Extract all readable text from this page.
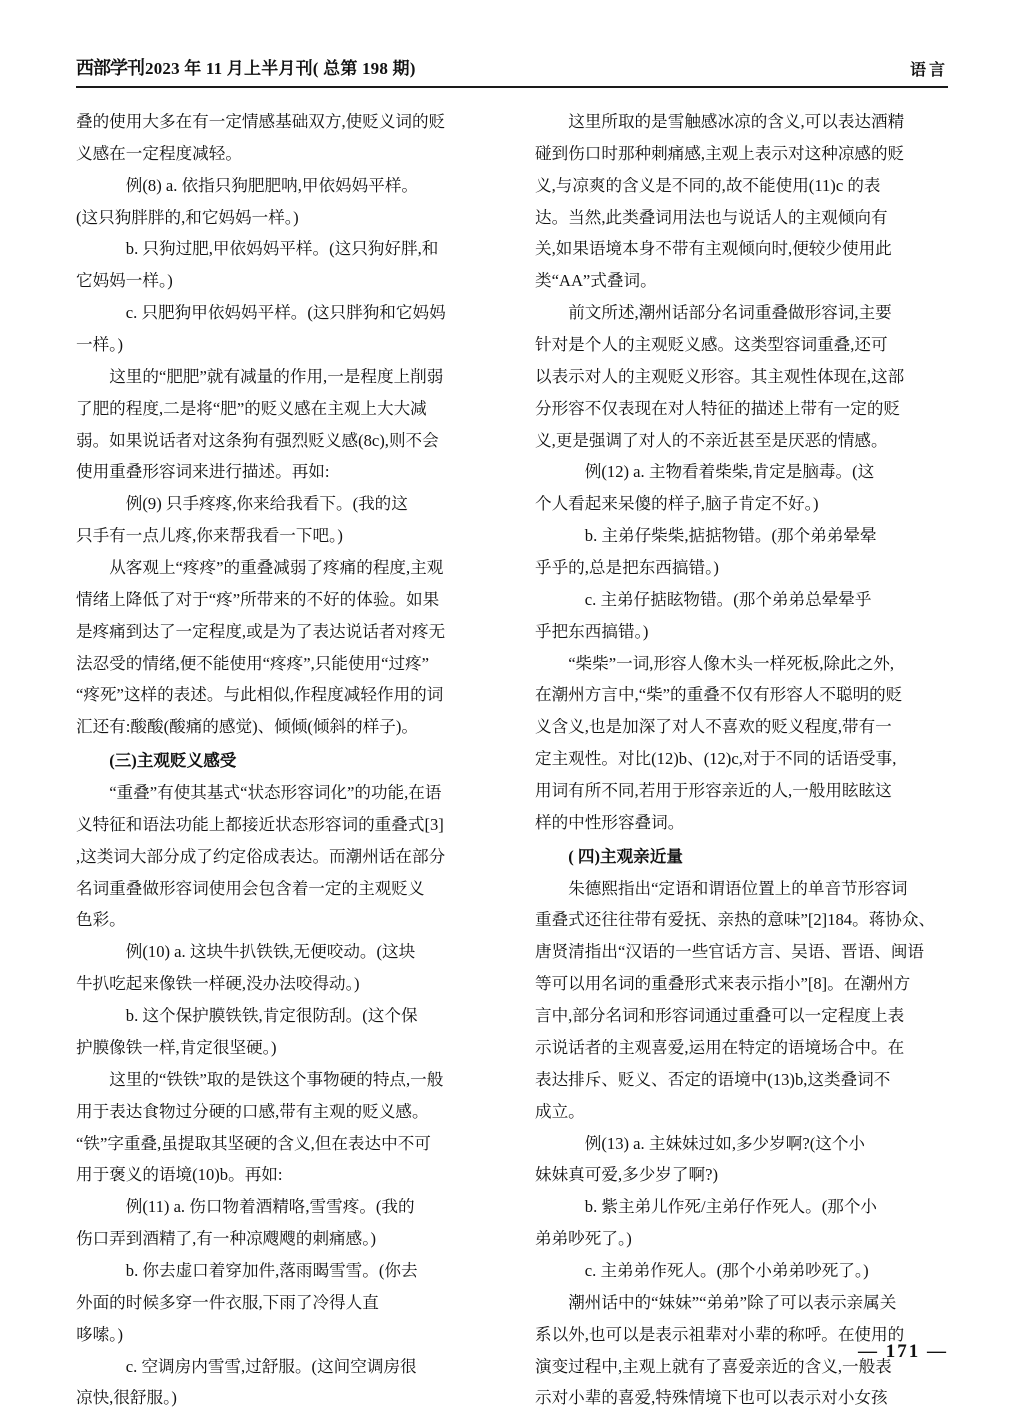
西部学刊2023 年 11 月上半月刊( 总第 198 期)	语言

叠的使用大多在有一定情感基础双方,使贬义词的贬

义感在一定程度减轻。

例(8) a. 依指只狗肥肥呐,甲依妈妈平样。

(这只狗胖胖的,和它妈妈一样。)

b. 只狗过肥,甲依妈妈平样。(这只狗好胖,和

它妈妈一样。)

c. 只肥狗甲依妈妈平样。(这只胖狗和它妈妈

一样。)

这里的“肥肥”就有减量的作用,一是程度上削弱

了肥的程度,二是将“肥”的贬义感在主观上大大减

弱。如果说话者对这条狗有强烈贬义感(8c),则不会

使用重叠形容词来进行描述。再如:

例(9) 只手疼疼,你来给我看下。(我的这

只手有一点儿疼,你来帮我看一下吧。)

从客观上“疼疼”的重叠减弱了疼痛的程度,主观

情绪上降低了对于“疼”所带来的不好的体验。如果

是疼痛到达了一定程度,或是为了表达说话者对疼无

法忍受的情绪,便不能使用“疼疼”,只能使用“过疼”

“疼死”这样的表述。与此相似,作程度减轻作用的词

汇还有:酸酸(酸痛的感觉)、倾倾(倾斜的样子)。

(三)主观贬义感受

“重叠”有使其基式“状态形容词化”的功能,在语

义特征和语法功能上都接近状态形容词的重叠式[3]

,这类词大部分成了约定俗成表达。而潮州话在部分

名词重叠做形容词使用会包含着一定的主观贬义

色彩。

例(10) a. 这块牛扒铁铁,无便咬动。(这块

牛扒吃起来像铁一样硬,没办法咬得动。)

b. 这个保护膜铁铁,肯定很防刮。(这个保

护膜像铁一样,肯定很坚硬。)

这里的“铁铁”取的是铁这个事物硬的特点,一般

用于表达食物过分硬的口感,带有主观的贬义感。

“铁”字重叠,虽提取其坚硬的含义,但在表达中不可

用于褒义的语境(10)b。再如:

例(11) a. 伤口物着酒精咯,雪雪疼。(我的

伤口弄到酒精了,有一种凉飕飕的刺痛感。)

b. 你去虚口着穿加件,落雨暍雪雪。(你去

外面的时候多穿一件衣服,下雨了冷得人直

哆嗦。)

c. 空调房内雪雪,过舒服。(这间空调房很

凉快,很舒服。)

这里所取的是雪触感冰凉的含义,可以表达酒精

碰到伤口时那种刺痛感,主观上表示对这种凉感的贬

义,与凉爽的含义是不同的,故不能使用(11)c 的表

达。当然,此类叠词用法也与说话人的主观倾向有

关,如果语境本身不带有主观倾向时,便较少使用此

类“AA”式叠词。

前文所述,潮州话部分名词重叠做形容词,主要

针对是个人的主观贬义感。这类型容词重叠,还可

以表示对人的主观贬义形容。其主观性体现在,这部

分形容不仅表现在对人特征的描述上带有一定的贬

义,更是强调了对人的不亲近甚至是厌恶的情感。

例(12) a. 主物看着柴柴,肯定是脑毒。(这

个人看起来呆傻的样子,脑子肯定不好。)

b. 主弟仔柴柴,掂掂物错。(那个弟弟晕晕

乎乎的,总是把东西搞错。)

c. 主弟仔掂眩物错。(那个弟弟总晕晕乎

乎把东西搞错。)

“柴柴”一词,形容人像木头一样死板,除此之外,

在潮州方言中,“柴”的重叠不仅有形容人不聪明的贬

义含义,也是加深了对人不喜欢的贬义程度,带有一

定主观性。对比(12)b、(12)c,对于不同的话语受事,

用词有所不同,若用于形容亲近的人,一般用眩眩这

样的中性形容叠词。

( 四)主观亲近量

朱德熙指出“定语和谓语位置上的单音节形容词

重叠式还往往带有爱抚、亲热的意味”[2]184。蒋协众、

唐贤清指出“汉语的一些官话方言、吴语、晋语、闽语

等可以用名词的重叠形式来表示指小”[8]。在潮州方

言中,部分名词和形容词通过重叠可以一定程度上表

示说话者的主观喜爱,运用在特定的语境场合中。在

表达排斥、贬义、否定的语境中(13)b,这类叠词不

成立。

例(13) a. 主妹妹过如,多少岁啊?(这个小

妹妹真可爱,多少岁了啊?)

b. 紫主弟儿作死/主弟仔作死人。(那个小

弟弟吵死了。)

c. 主弟弟作死人。(那个小弟弟吵死了。)

潮州话中的“妹妹”“弟弟”除了可以表示亲属关

系以外,也可以是表示祖辈对小辈的称呼。在使用的

演变过程中,主观上就有了喜爱亲近的含义,一般表

示对小辈的喜爱,特殊情境下也可以表示对小女孩

— 171 —
